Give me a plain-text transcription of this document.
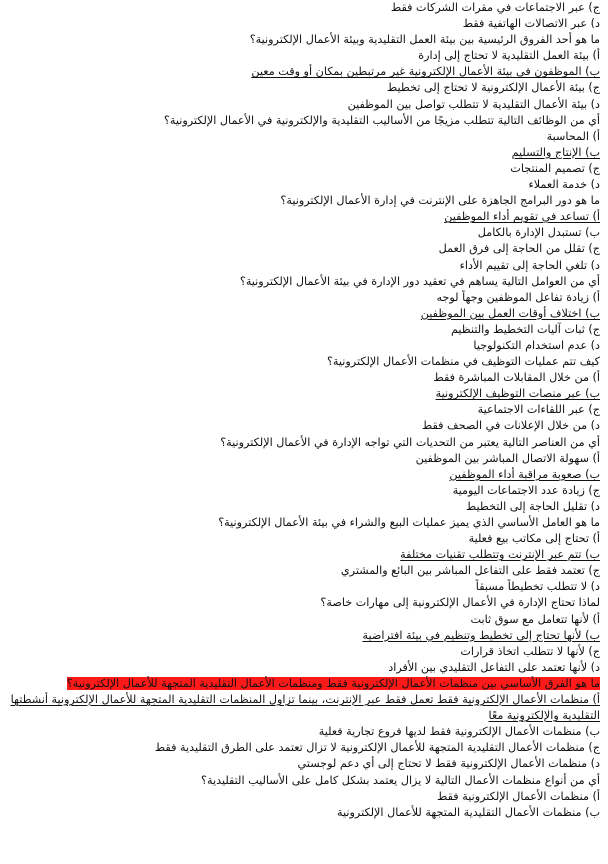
ج) عبر الاجتماعات في مقرات الشركات فقط
د) عبر الاتصالات الهاتفية فقط
ما هو أحد الفروق الرئيسية بين بيئة العمل التقليدية وبيئة الأعمال الإلكترونية؟
أ) بيئة العمل التقليدية لا تحتاج إلى إدارة
ب) الموظفون في بيئة الأعمال الإلكترونية غير مرتبطين بمكان أو وقت معين
ج) بيئة الأعمال الإلكترونية لا تحتاج إلى تخطيط
د) بيئة الأعمال التقليدية لا تتطلب تواصل بين الموظفين
أي من الوظائف التالية تتطلب مزيجًا من الأساليب التقليدية والإلكترونية في الأعمال الإلكترونية؟
أ) المحاسبة
ب) الإنتاج والتسليم
ج) تصميم المنتجات
د) خدمة العملاء
ما هو دور البرامج الجاهزة على الإنترنت في إدارة الأعمال الإلكترونية؟
أ) تساعد في تقويم أداء الموظفين
ب) تستبدل الإدارة بالكامل
ج) تقلل من الحاجة إلى فرق العمل
د) تلغي الحاجة إلى تقييم الأداء
أي من العوامل التالية يساهم في تعقيد دور الإدارة في بيئة الأعمال الإلكترونية؟
أ) زيادة تفاعل الموظفين وجهاً لوجه
ب) اختلاف أوقات العمل بين الموظفين
ج) ثبات آليات التخطيط والتنظيم
د) عدم استخدام التكنولوجيا
كيف تتم عمليات التوظيف في منظمات الأعمال الإلكترونية؟
أ) من خلال المقابلات المباشرة فقط
ب) عبر منصات التوظيف الإلكترونية
ج) عبر اللقاءات الاجتماعية
د) من خلال الإعلانات في الصحف فقط
أي من العناصر التالية يعتبر من التحديات التي تواجه الإدارة في الأعمال الإلكترونية؟
أ) سهولة الاتصال المباشر بين الموظفين
ب) صعوبة مراقبة أداء الموظفين
ج) زيادة عدد الاجتماعات اليومية
د) تقليل الحاجة إلى التخطيط
ما هو العامل الأساسي الذي يميز عمليات البيع والشراء في بيئة الأعمال الإلكترونية؟
أ) تحتاج إلى مكاتب بيع فعلية
ب) تتم عبر الإنترنت وتتطلب تقنيات مختلفة
ج) تعتمد فقط على التفاعل المباشر بين البائع والمشتري
د) لا تتطلب تخطيطاً مسبقاً
لماذا تحتاج الإدارة في الأعمال الإلكترونية إلى مهارات خاصة؟
أ) لأنها تتعامل مع سوق ثابت
ب) لأنها تحتاج إلى تخطيط وتنظيم في بيئة افتراضية
ج) لأنها لا تتطلب اتخاذ قرارات
د) لأنها تعتمد على التفاعل التقليدي بين الأفراد
ما هو الفرق الأساسي بين منظمات الأعمال الإلكترونية فقط ومنظمات الأعمال التقليدية المتجهة للأعمال الإلكترونية؟
أ) منظمات الأعمال الإلكترونية فقط تعمل فقط عبر الإنترنت، بينما تزاول المنظمات التقليدية المتجهة للأعمال الإلكترونية أنشطتها
التقليدية والإلكترونية معًا
ب) منظمات الأعمال الإلكترونية فقط لديها فروع تجارية فعلية
ج) منظمات الأعمال التقليدية المتجهة للأعمال الإلكترونية لا تزال تعتمد على الطرق التقليدية فقط
د) منظمات الأعمال الإلكترونية فقط لا تحتاج إلى أي دعم لوجستي
أي من أنواع منظمات الأعمال التالية لا يزال يعتمد بشكل كامل على الأساليب التقليدية؟
أ) منظمات الأعمال الإلكترونية فقط
ب) منظمات الأعمال التقليدية المتجهة للأعمال الإلكترونية
